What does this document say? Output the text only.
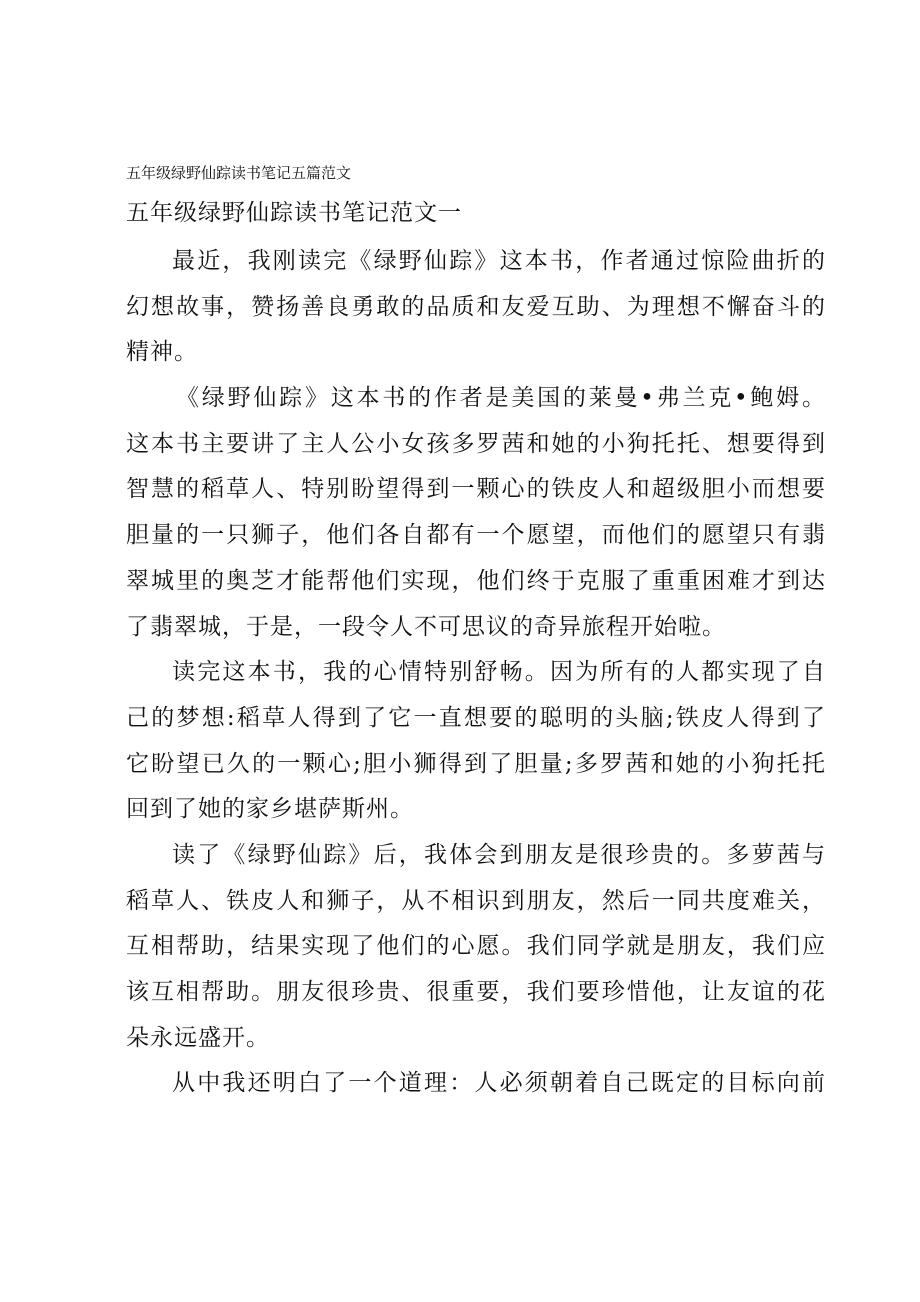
五年级绿野仙踪读书笔记五篇范文
五年级绿野仙踪读书笔记范文一
最近，我刚读完《绿野仙踪》这本书，作者通过惊险曲折的
幻想故事，赞扬善良勇敢的品质和友爱互助、为理想不懈奋斗的
精神。
《绿野仙踪》这本书的作者是美国的莱曼•弗兰克•鲍姆。
这本书主要讲了主人公小女孩多罗茜和她的小狗托托、想要得到
智慧的稻草人、特别盼望得到一颗心的铁皮人和超级胆小而想要
胆量的一只狮子，他们各自都有一个愿望，而他们的愿望只有翡
翠城里的奥芝才能帮他们实现，他们终于克服了重重困难才到达
了翡翠城，于是，一段令人不可思议的奇异旅程开始啦。
读完这本书，我的心情特别舒畅。因为所有的人都实现了自
己的梦想:稻草人得到了它一直想要的聪明的头脑;铁皮人得到了
它盼望已久的一颗心;胆小狮得到了胆量;多罗茜和她的小狗托托
回到了她的家乡堪萨斯州。
读了《绿野仙踪》后，我体会到朋友是很珍贵的。多萝茜与
稻草人、铁皮人和狮子，从不相识到朋友，然后一同共度难关，
互相帮助，结果实现了他们的心愿。我们同学就是朋友，我们应
该互相帮助。朋友很珍贵、很重要，我们要珍惜他，让友谊的花
朵永远盛开。
从中我还明白了一个道理：人必须朝着自己既定的目标向前
